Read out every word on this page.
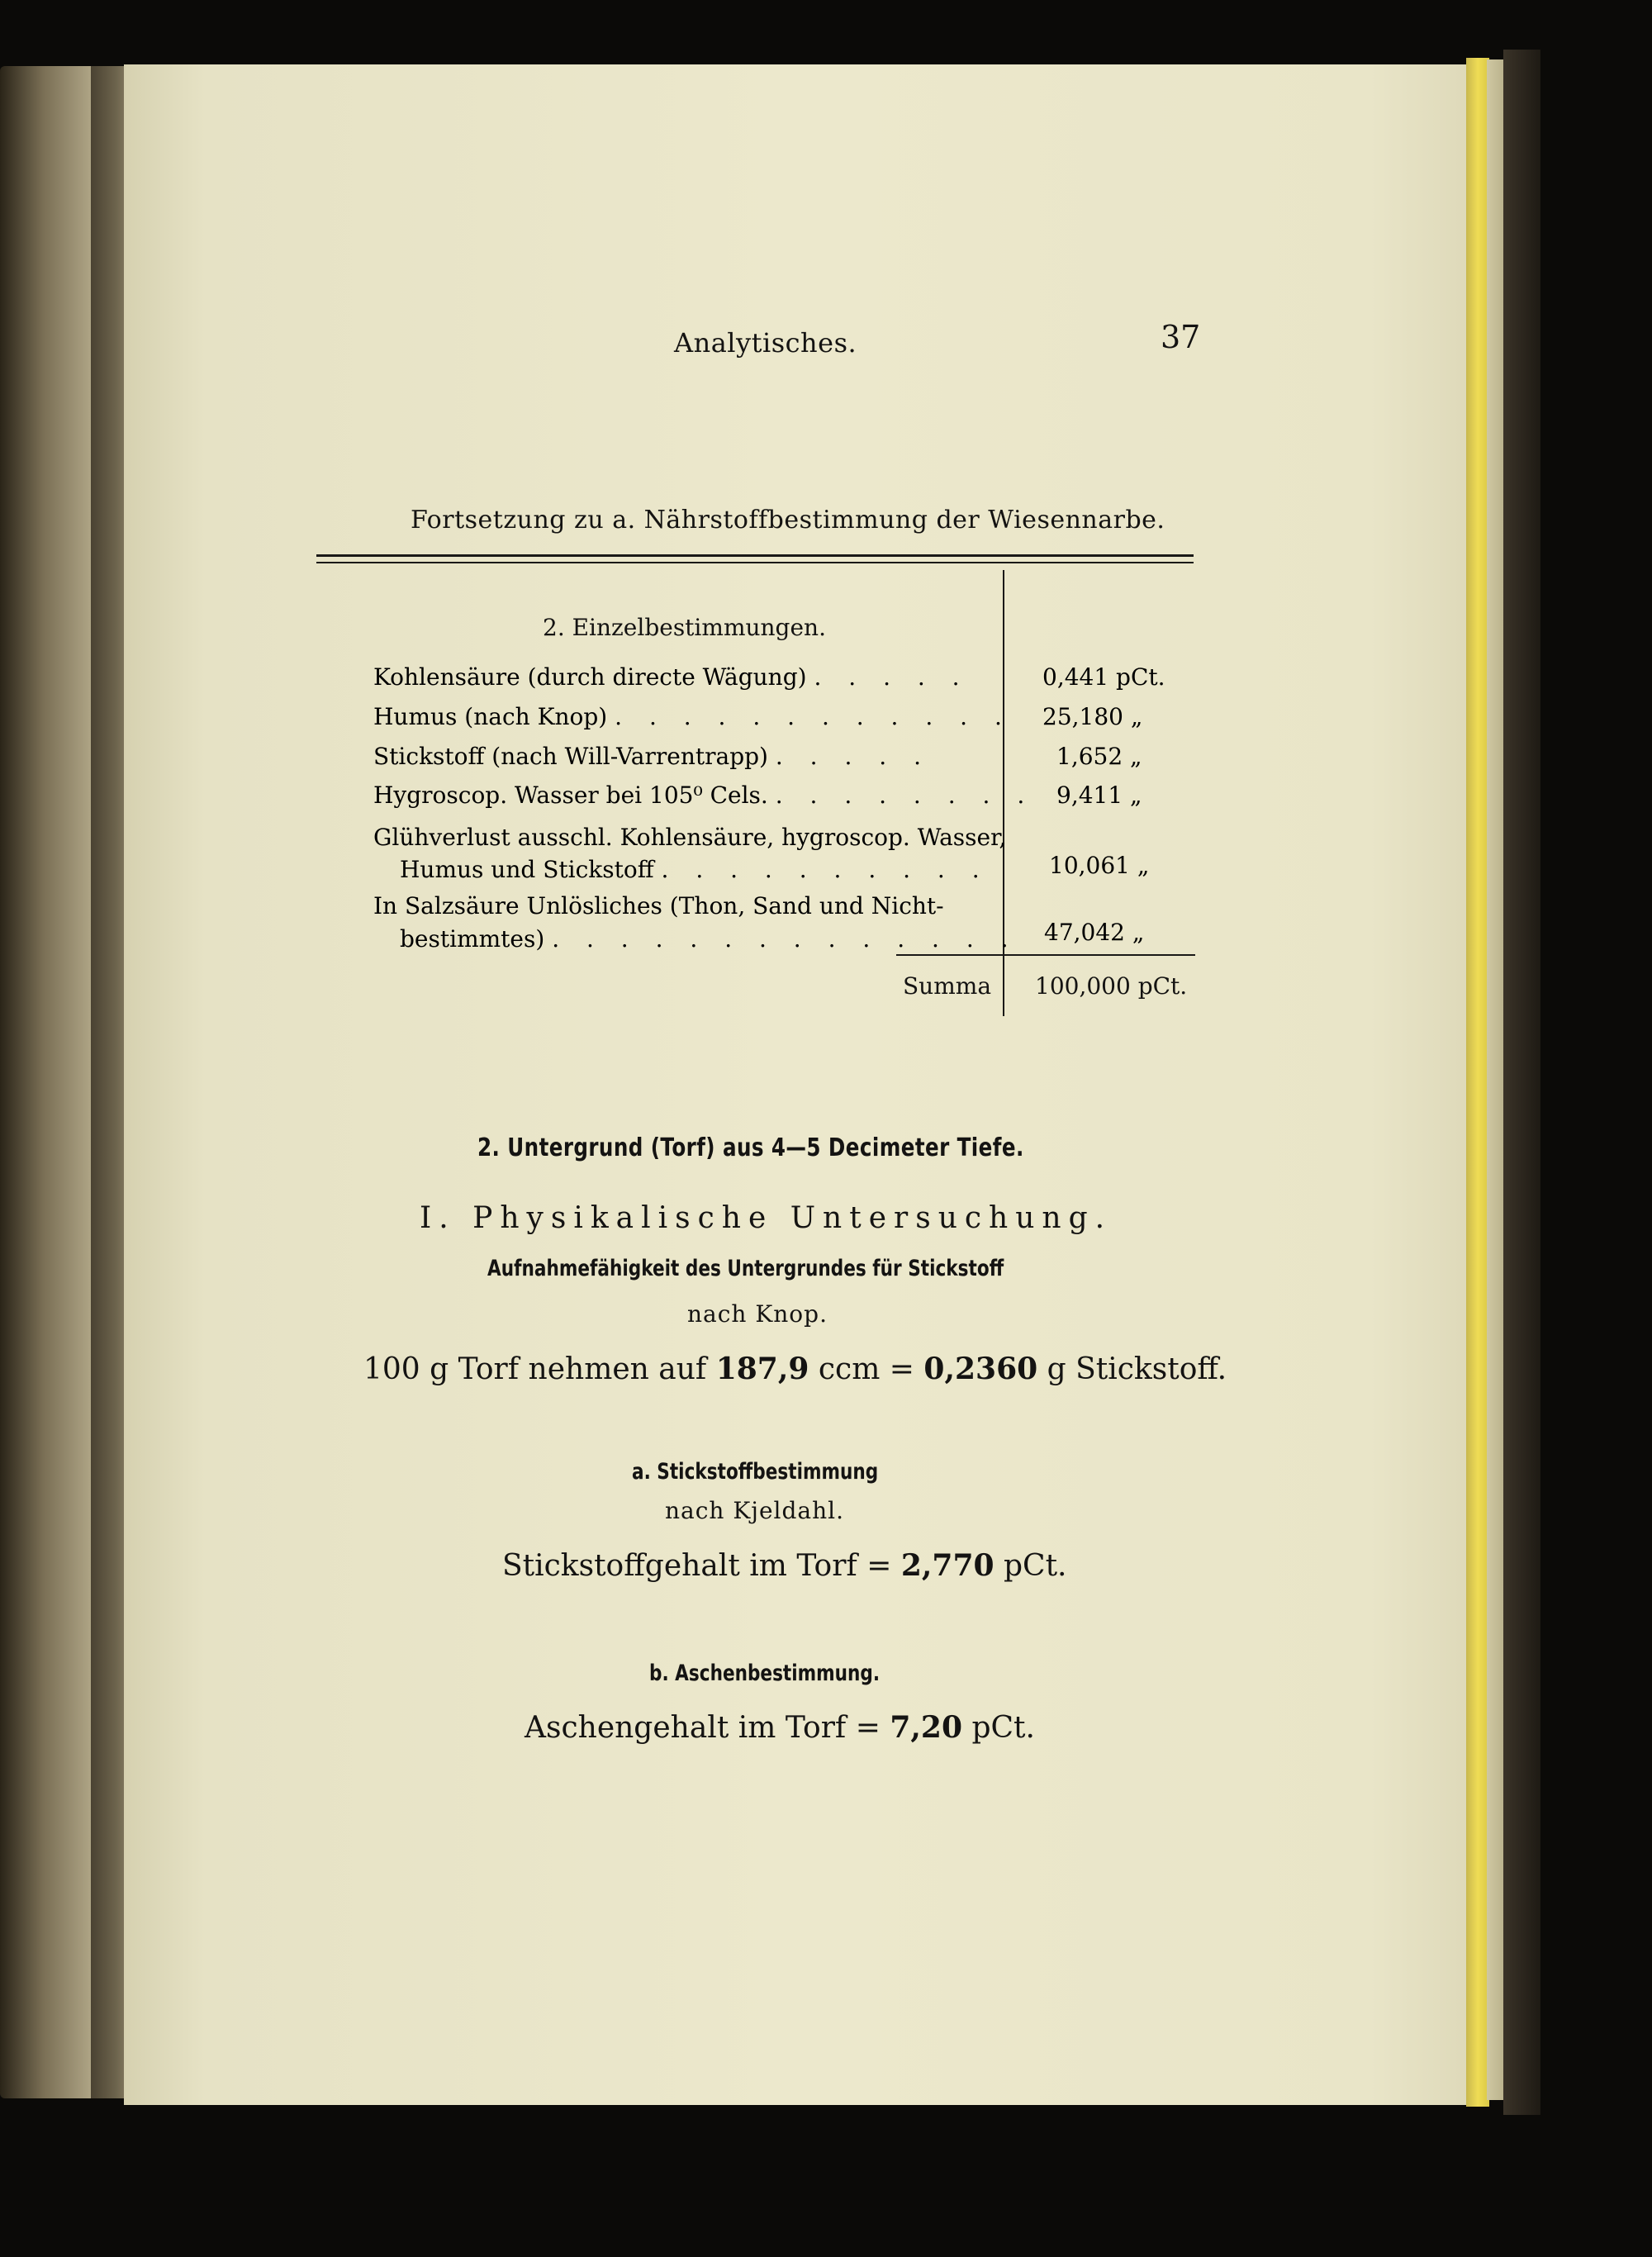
Analytisches.	37
Fortsetzung zu a. Nährstoffbestimmung der Wiesennarbe.
2. Einzelbestimmungen.
Kohlensäure (durch directe Wägung) . . . . .	0,441 pCt.
Humus (nach Knop) . . . . . . . . . . . . 25,180 „
Stickstoff (nach Will-Varrentrapp) . . . . .	1,652 „
Hygroscop. Wasser bei 105⁰ Cels. . . . . . . . . 9,411 „
Glühverlust ausschl. Kohlensäure, hygroscop. Wasser,
Humus und Stickstoff . . . . . . . . . .	10,061 „
In Salzsäure Unlösliches (Thon, Sand und Nicht-
bestimmtes) . . . . . . . . . . . . . . 47,042 „
Summa 100,000 pCt.
2. Untergrund (Torf) aus 4—5 Decimeter Tiefe.
I. Physikalische Untersuchung.
Aufnahmefähigkeit des Untergrundes für Stickstoff
nach Knop.
100 g Torf nehmen auf 187,9 ccm = 0,2360 g Stickstoff.
a. Stickstoffbestimmung
nach Kjeldahl.
Stickstoffgehalt im Torf = 2,770 pCt.
b. Aschenbestimmung.
Aschengehalt im Torf = 7,20 pCt.
